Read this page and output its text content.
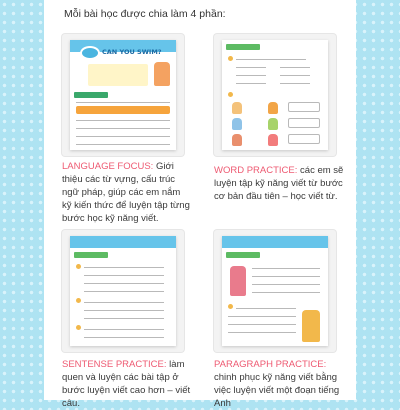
Mỗi bài học được chia làm 4 phần:
CAN YOU SWIM?
LANGUAGE FOCUS: Giới thiệu các từ vựng, cấu trúc ngữ pháp, giúp các em nắm kỹ kiến thức để luyện tập từng bước học kỹ năng viết.
WORD PRACTICE: các em sẽ luyện tập kỹ năng viết từ bước cơ bản đầu tiên – học viết từ.
SENTENSE PRACTICE: làm quen và luyện các bài tập ở bước luyện viết cao hơn – viết câu.
PARAGRAPH PRACTICE: chinh phục kỹ năng viết bằng việc luyện viết một đoạn tiếng Anh
